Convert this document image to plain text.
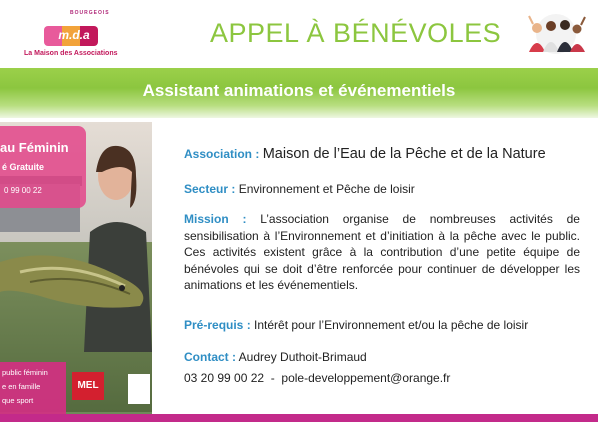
BOURGEOIS
m.d.a
La Maison des Associations
APPEL À BÉNÉVOLES
Assistant animations et événementiels
au Féminin
é Gratuite
0 99 00 22
public féminin
e en famille
que sport
MEL
Association : Maison de l’Eau de la Pêche et de la Nature
Secteur : Environnement et Pêche de loisir
Mission : L’association organise de nombreuses activités de sensibilisation à l’Environnement et d’initiation à la pêche avec le public. Ces activités existent grâce à la contribution d’une petite équipe de bénévoles qui se doit d’être renforcée pour continuer de développer les animations et les événementiels.
Pré-requis : Intérêt pour l’Environnement et/ou la pêche de loisir
Contact : Audrey Duthoit-Brimaud
03 20 99 00 22 - pole-developpement@orange.fr
